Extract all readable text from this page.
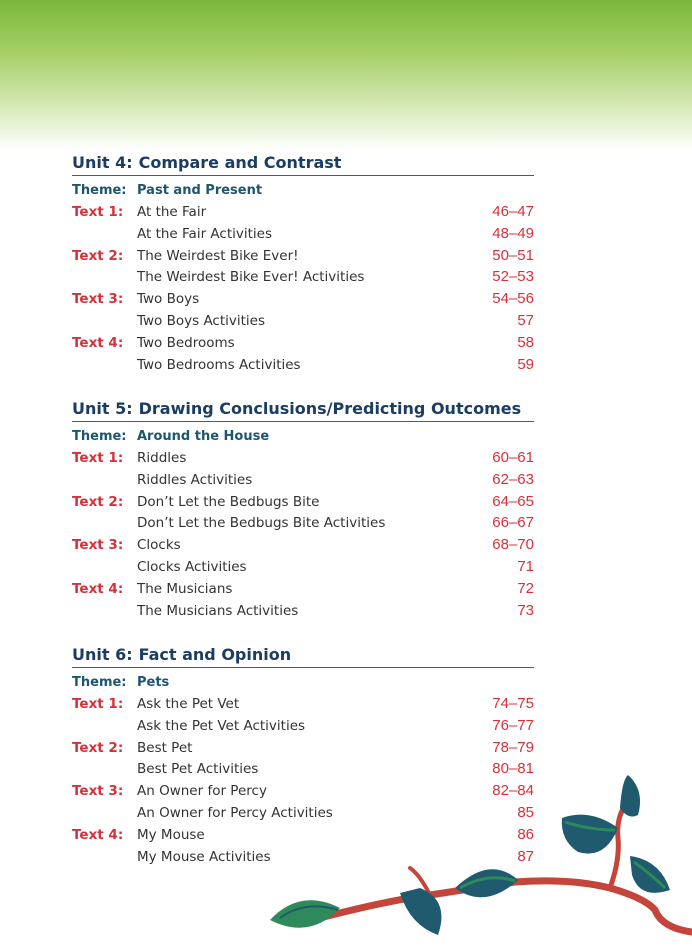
Unit 4: Compare and Contrast
Theme: Past and Present
Text 1: At the Fair	46–47
At the Fair Activities	48–49
Text 2: The Weirdest Bike Ever!	50–51
The Weirdest Bike Ever! Activities	52–53
Text 3: Two Boys	54–56
Two Boys Activities	57
Text 4: Two Bedrooms	58
Two Bedrooms Activities	59
Unit 5: Drawing Conclusions/Predicting Outcomes
Theme: Around the House
Text 1: Riddles	60–61
Riddles Activities	62–63
Text 2: Don’t Let the Bedbugs Bite	64–65
Don’t Let the Bedbugs Bite Activities	66–67
Text 3: Clocks	68–70
Clocks Activities	71
Text 4: The Musicians	72
The Musicians Activities	73
Unit 6: Fact and Opinion
Theme: Pets
Text 1: Ask the Pet Vet	74–75
Ask the Pet Vet Activities	76–77
Text 2: Best Pet	78–79
Best Pet Activities	80–81
Text 3: An Owner for Percy	82–84
An Owner for Percy Activities	85
Text 4: My Mouse	86
My Mouse Activities	87
